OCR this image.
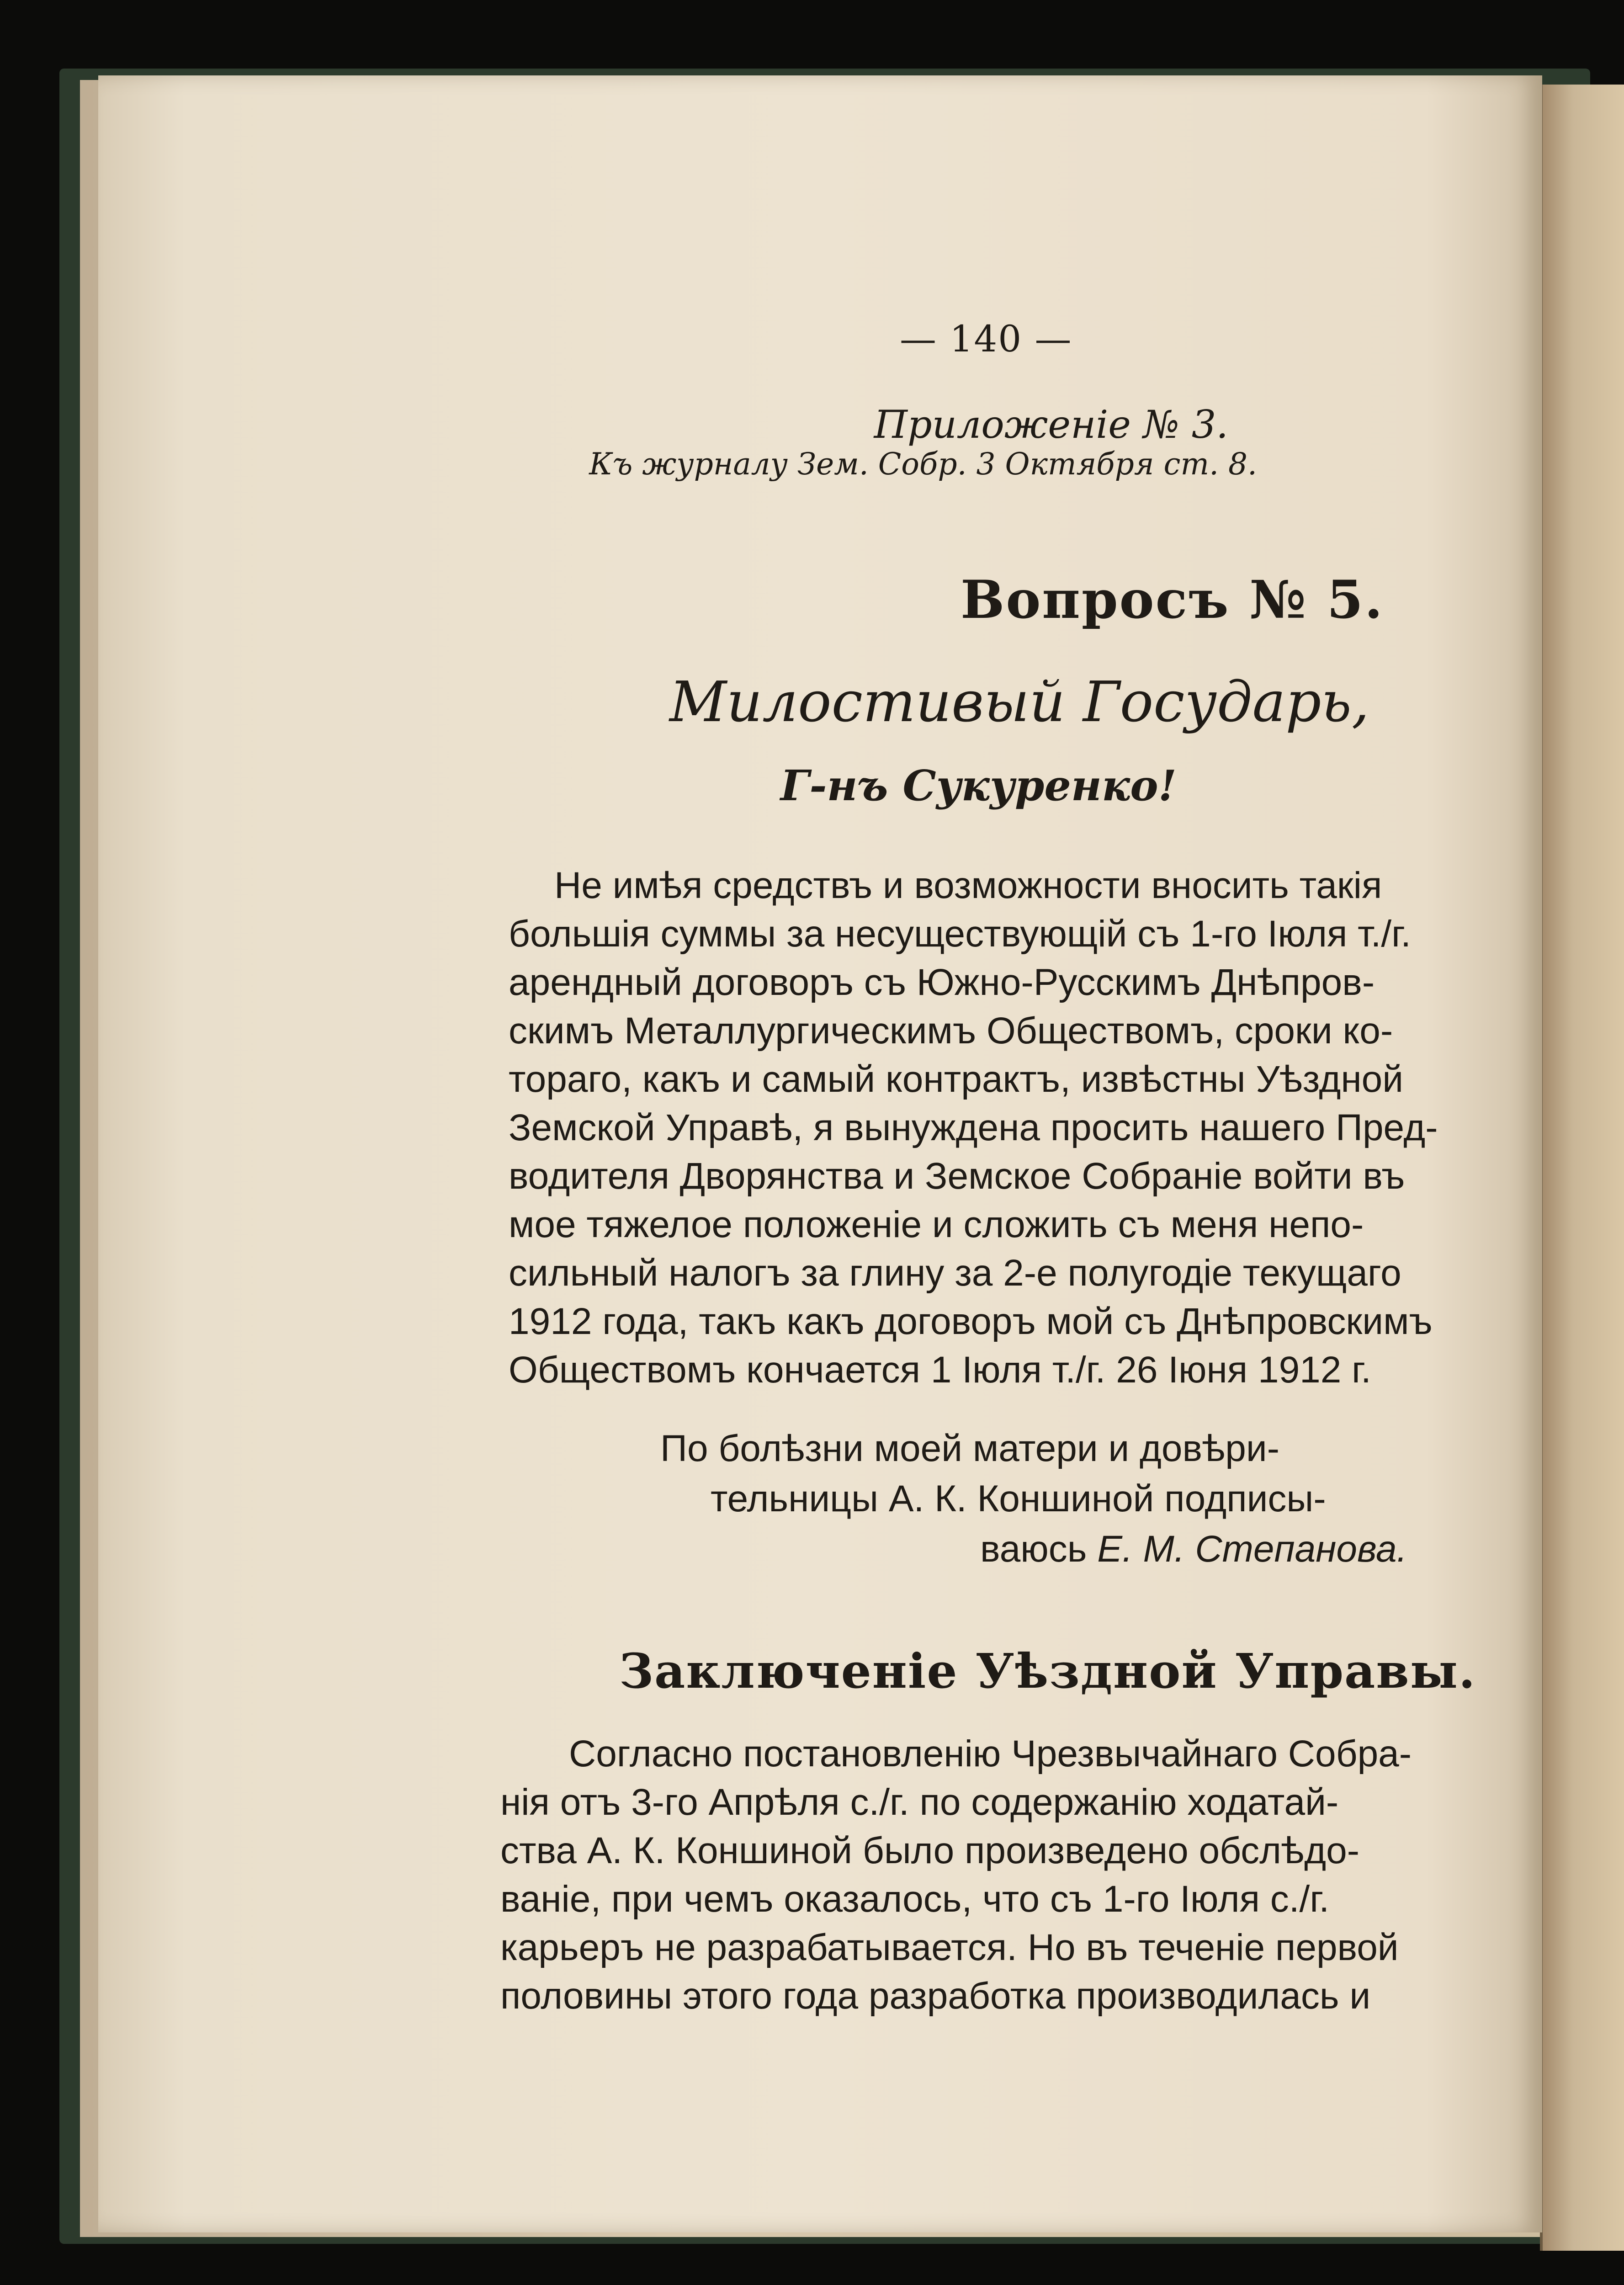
— 140 —
Приложенiе № 3.
Къ журналу Зем. Собр. 3 Октября ст. 8.
Вопросъ № 5.
Милостивый Государь,
Г-нъ Сукуренко!
Не имѣя средствъ и возможности вносить такiя
большiя суммы за несуществующiй съ 1-го Iюля т./г.
арендный договоръ съ Южно-Русскимъ Днѣпров-
скимъ Металлургическимъ Обществомъ, сроки ко-
тораго, какъ и самый контрактъ, извѣстны Уѣздной
Земской Управѣ, я вынуждена просить нашего Пред-
водителя Дворянства и Земское Собранiе войти въ
мое тяжелое положенiе и сложить съ меня непо-
сильный налогъ за глину за 2-е полугодiе текущаго
1912 года, такъ какъ договоръ мой съ Днѣпровскимъ
Обществомъ кончается 1 Iюля т./г. 26 Iюня 1912 г.
По болѣзни моей матери и довѣри-
тельницы А. К. Коншиной подписы-
ваюсь Е. М. Степанова.
Заключенiе Уѣздной Управы.
Согласно постановленiю Чрезвычайнаго Собра-
нiя отъ 3-го Апрѣля с./г. по содержанiю ходатай-
ства А. К. Коншиной было произведено обслѣдо-
ванiе, при чемъ оказалось, что съ 1-го Iюля с./г.
карьеръ не разрабатывается. Но въ теченiе первой
половины этого года разработка производилась и
